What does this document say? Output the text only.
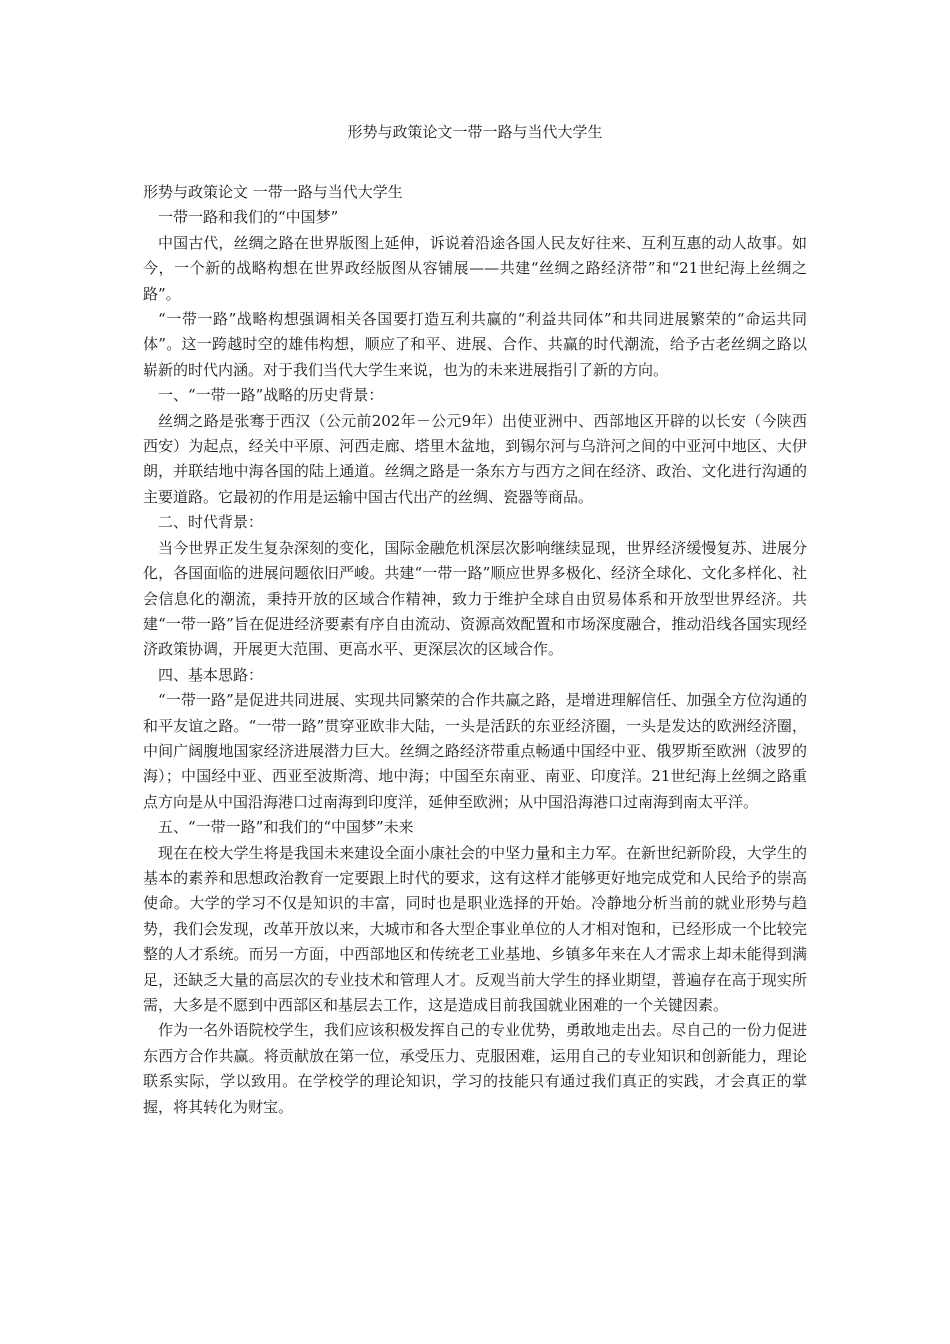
形势与政策论文一带一路与当代大学生

形势与政策论文 一带一路与当代大学生

一带一路和我们的“中国梦”

中国古代，丝绸之路在世界版图上延伸，诉说着沿途各国人民友好往来、互利互惠的动人故事。如今，一个新的战略构想在世界政经版图从容铺展——共建“丝绸之路经济带”和“21世纪海上丝绸之路”。

“一带一路”战略构想强调相关各国要打造互利共赢的“利益共同体”和共同进展繁荣的“命运共同体”。这一跨越时空的雄伟构想，顺应了和平、进展、合作、共赢的时代潮流，给予古老丝绸之路以崭新的时代内涵。对于我们当代大学生来说，也为的未来进展指引了新的方向。

一、“一带一路”战略的历史背景：

丝绸之路是张骞于西汉（公元前202年－公元9年）出使亚洲中、西部地区开辟的以长安（今陕西西安）为起点，经关中平原、河西走廊、塔里木盆地，到锡尔河与乌浒河之间的中亚河中地区、大伊朗，并联结地中海各国的陆上通道。丝绸之路是一条东方与西方之间在经济、政治、文化进行沟通的主要道路。它最初的作用是运输中国古代出产的丝绸、瓷器等商品。

二、时代背景：

当今世界正发生复杂深刻的变化，国际金融危机深层次影响继续显现，世界经济缓慢复苏、进展分化，各国面临的进展问题依旧严峻。共建“一带一路”顺应世界多极化、经济全球化、文化多样化、社会信息化的潮流，秉持开放的区域合作精神，致力于维护全球自由贸易体系和开放型世界经济。共建“一带一路”旨在促进经济要素有序自由流动、资源高效配置和市场深度融合，推动沿线各国实现经济政策协调，开展更大范围、更高水平、更深层次的区域合作。

四、基本思路：

“一带一路”是促进共同进展、实现共同繁荣的合作共赢之路，是增进理解信任、加强全方位沟通的和平友谊之路。“一带一路”贯穿亚欧非大陆，一头是活跃的东亚经济圈，一头是发达的欧洲经济圈，中间广阔腹地国家经济进展潜力巨大。丝绸之路经济带重点畅通中国经中亚、俄罗斯至欧洲（波罗的海）；中国经中亚、西亚至波斯湾、地中海；中国至东南亚、南亚、印度洋。21世纪海上丝绸之路重点方向是从中国沿海港口过南海到印度洋，延伸至欧洲；从中国沿海港口过南海到南太平洋。

五、“一带一路”和我们的“中国梦”未来

现在在校大学生将是我国未来建设全面小康社会的中坚力量和主力军。在新世纪新阶段，大学生的基本的素养和思想政治教育一定要跟上时代的要求，这有这样才能够更好地完成党和人民给予的崇高使命。大学的学习不仅是知识的丰富，同时也是职业选择的开始。冷静地分析当前的就业形势与趋势，我们会发现，改革开放以来，大城市和各大型企事业单位的人才相对饱和，已经形成一个比较完整的人才系统。而另一方面，中西部地区和传统老工业基地、乡镇多年来在人才需求上却未能得到满足，还缺乏大量的高层次的专业技术和管理人才。反观当前大学生的择业期望，普遍存在高于现实所需，大多是不愿到中西部区和基层去工作，这是造成目前我国就业困难的一个关键因素。

作为一名外语院校学生，我们应该积极发挥自己的专业优势，勇敢地走出去。尽自己的一份力促进东西方合作共赢。将贡献放在第一位，承受压力、克服困难，运用自己的专业知识和创新能力，理论联系实际，学以致用。在学校学的理论知识，学习的技能只有通过我们真正的实践，才会真正的掌握，将其转化为财宝。
